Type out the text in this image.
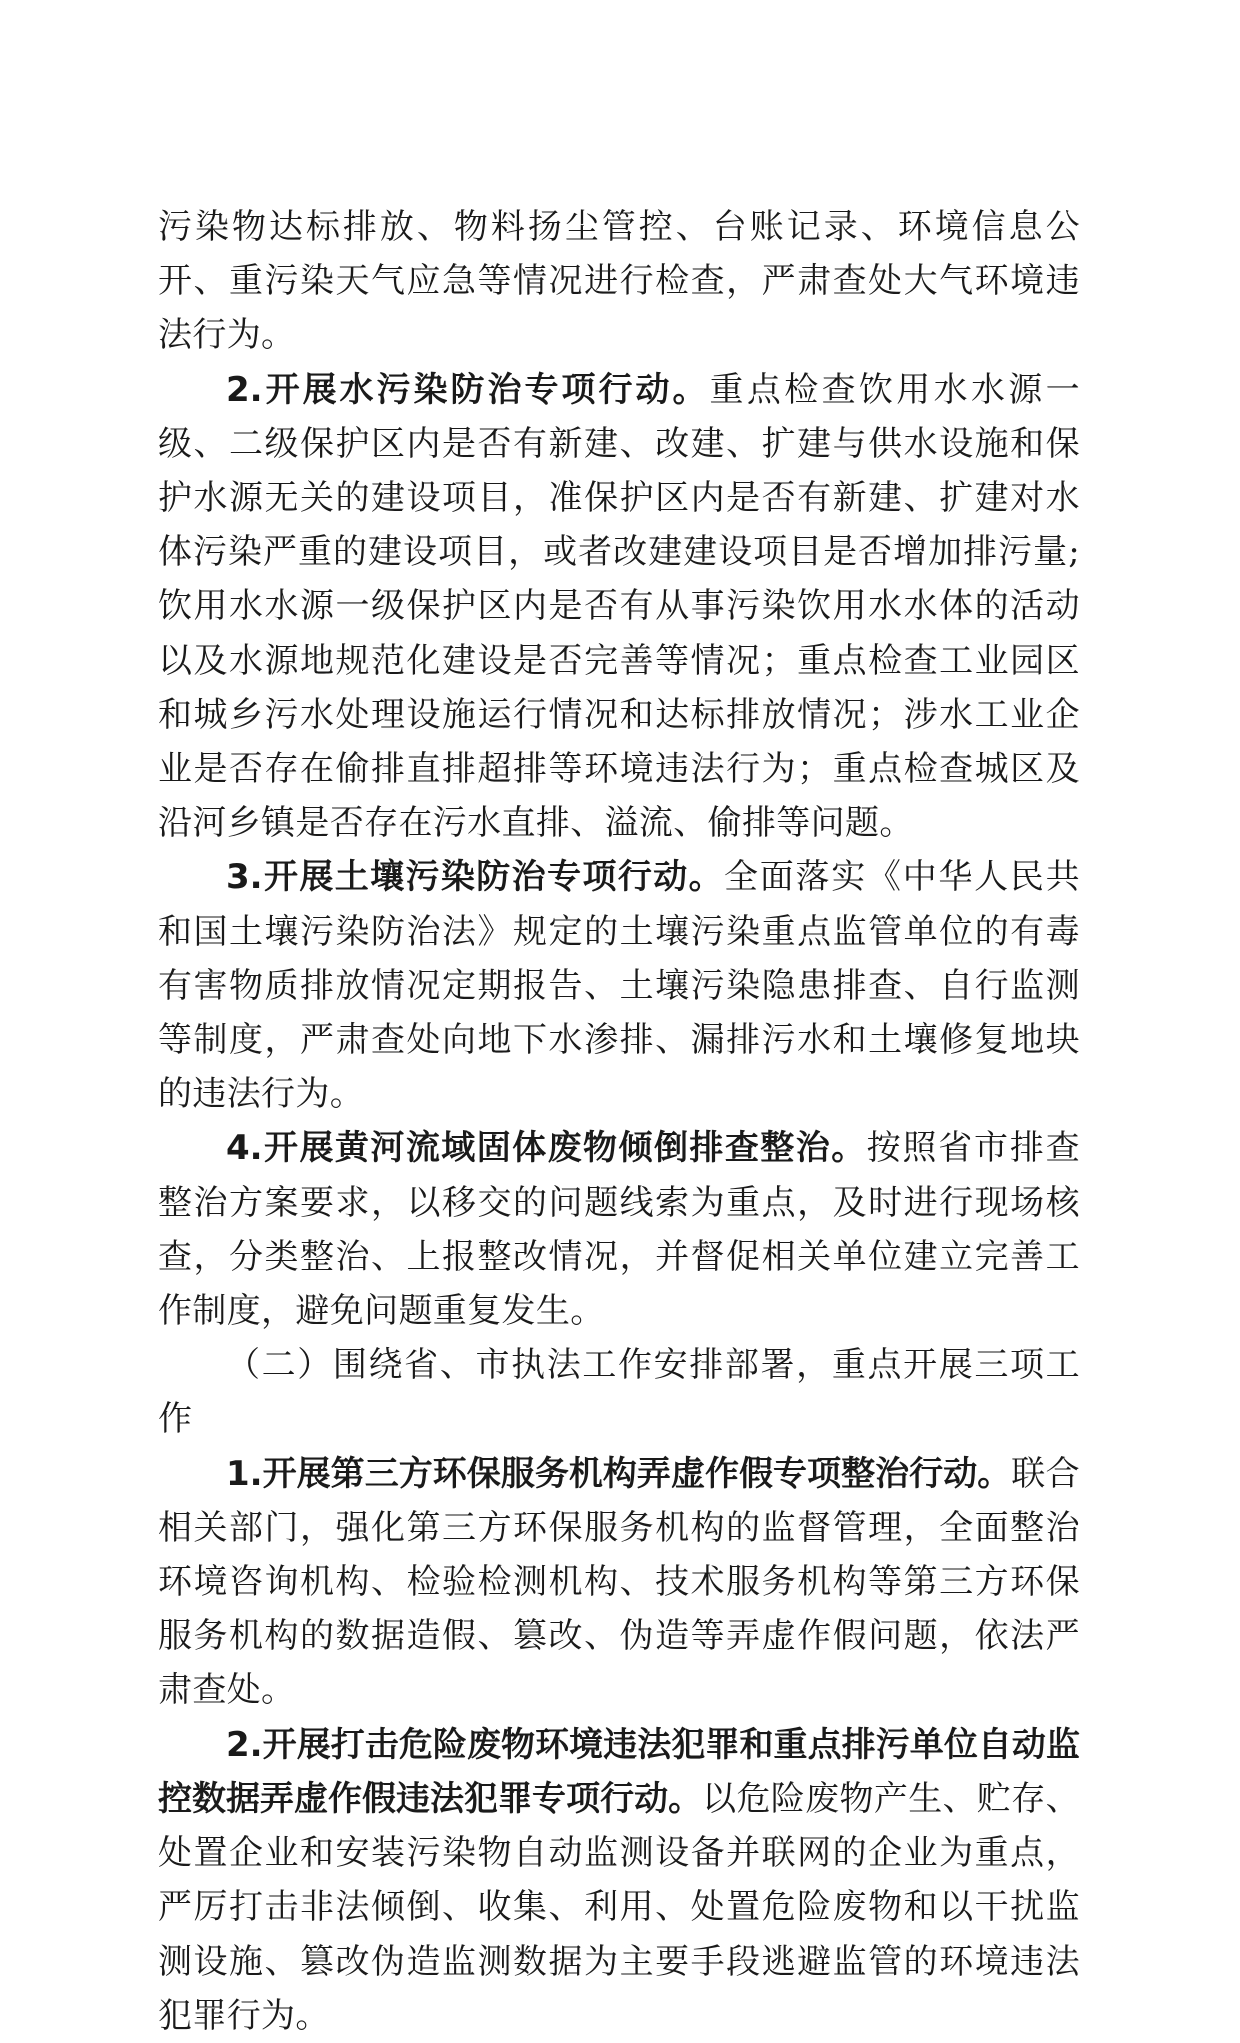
污染物达标排放、物料扬尘管控、台账记录、环境信息公开、重污染天气应急等情况进行检查，严肃查处大气环境违法行为。

2.开展水污染防治专项行动。重点检查饮用水水源一级、二级保护区内是否有新建、改建、扩建与供水设施和保护水源无关的建设项目，准保护区内是否有新建、扩建对水体污染严重的建设项目，或者改建建设项目是否增加排污量;饮用水水源一级保护区内是否有从事污染饮用水水体的活动以及水源地规范化建设是否完善等情况；重点检查工业园区和城乡污水处理设施运行情况和达标排放情况；涉水工业企业是否存在偷排直排超排等环境违法行为；重点检查城区及沿河乡镇是否存在污水直排、溢流、偷排等问题。

3.开展土壤污染防治专项行动。全面落实《中华人民共和国土壤污染防治法》规定的土壤污染重点监管单位的有毒有害物质排放情况定期报告、土壤污染隐患排查、自行监测等制度，严肃查处向地下水渗排、漏排污水和土壤修复地块的违法行为。

4.开展黄河流域固体废物倾倒排查整治。按照省市排查整治方案要求，以移交的问题线索为重点，及时进行现场核查，分类整治、上报整改情况，并督促相关单位建立完善工作制度，避免问题重复发生。

（二）围绕省、市执法工作安排部署，重点开展三项工作

1.开展第三方环保服务机构弄虚作假专项整治行动。联合相关部门，强化第三方环保服务机构的监督管理，全面整治环境咨询机构、检验检测机构、技术服务机构等第三方环保服务机构的数据造假、篡改、伪造等弄虚作假问题，依法严肃查处。

2.开展打击危险废物环境违法犯罪和重点排污单位自动监控数据弄虚作假违法犯罪专项行动。以危险废物产生、贮存、处置企业和安装污染物自动监测设备并联网的企业为重点，严厉打击非法倾倒、收集、利用、处置危险废物和以干扰监测设施、篡改伪造监测数据为主要手段逃避监管的环境违法犯罪行为。
